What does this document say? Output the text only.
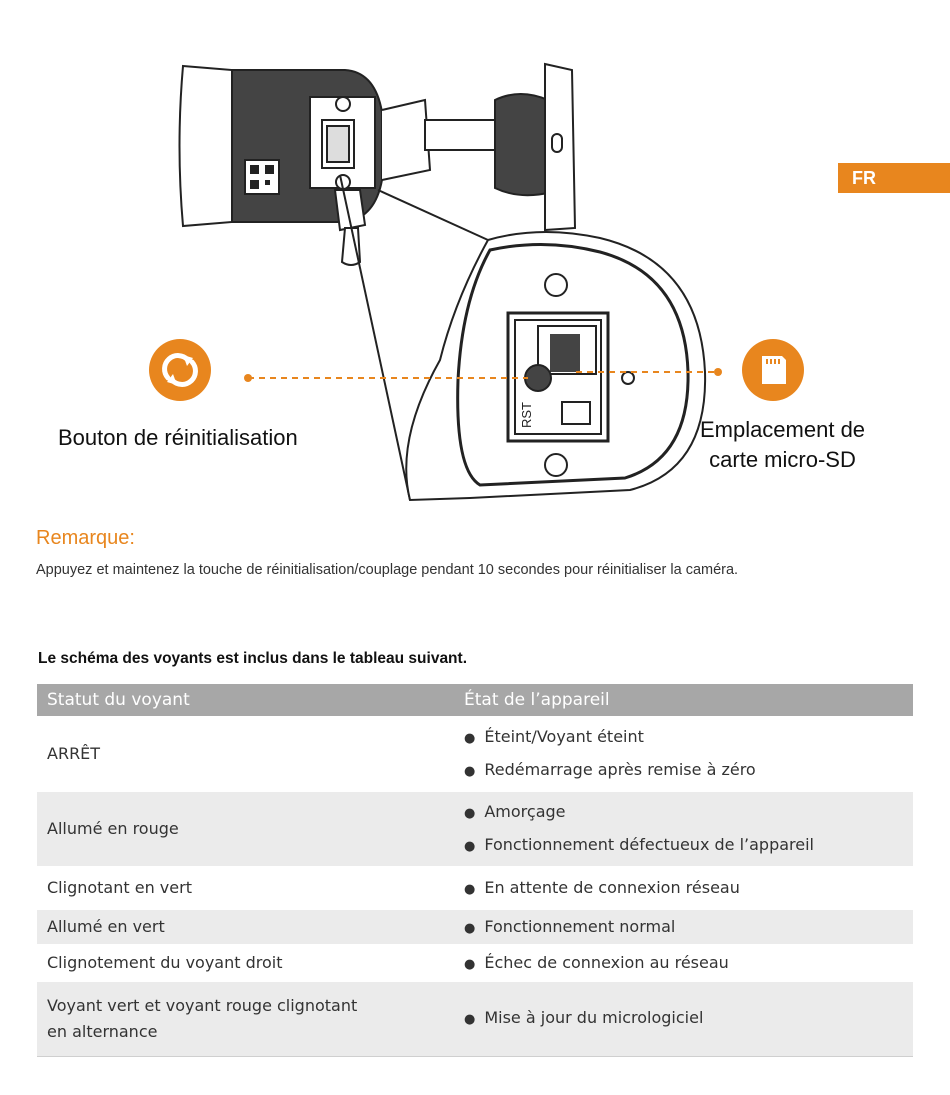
FR
RST
Bouton de réinitialisation	Emplacement de
carte micro-SD
Remarque:
Appuyez et maintenez la touche de réinitialisation/couplage pendant 10 secondes pour réinitialiser la caméra.
Le schéma des voyants est inclus dans le tableau suivant.
Statut du voyant	État de l’appareil
ARRÊT	● Éteint/Voyant éteint
● Redémarrage après remise à zéro

Allumé en rouge	● Amorçage
● Fonctionnement défectueux de l’appareil

Clignotant en vert	● En attente de connexion réseau

Allumé en vert	● Fonctionnement normal

Clignotement du voyant droit	● Échec de connexion au réseau

Voyant vert et voyant rouge clignotant en alternance	● Mise à jour du micrologiciel
